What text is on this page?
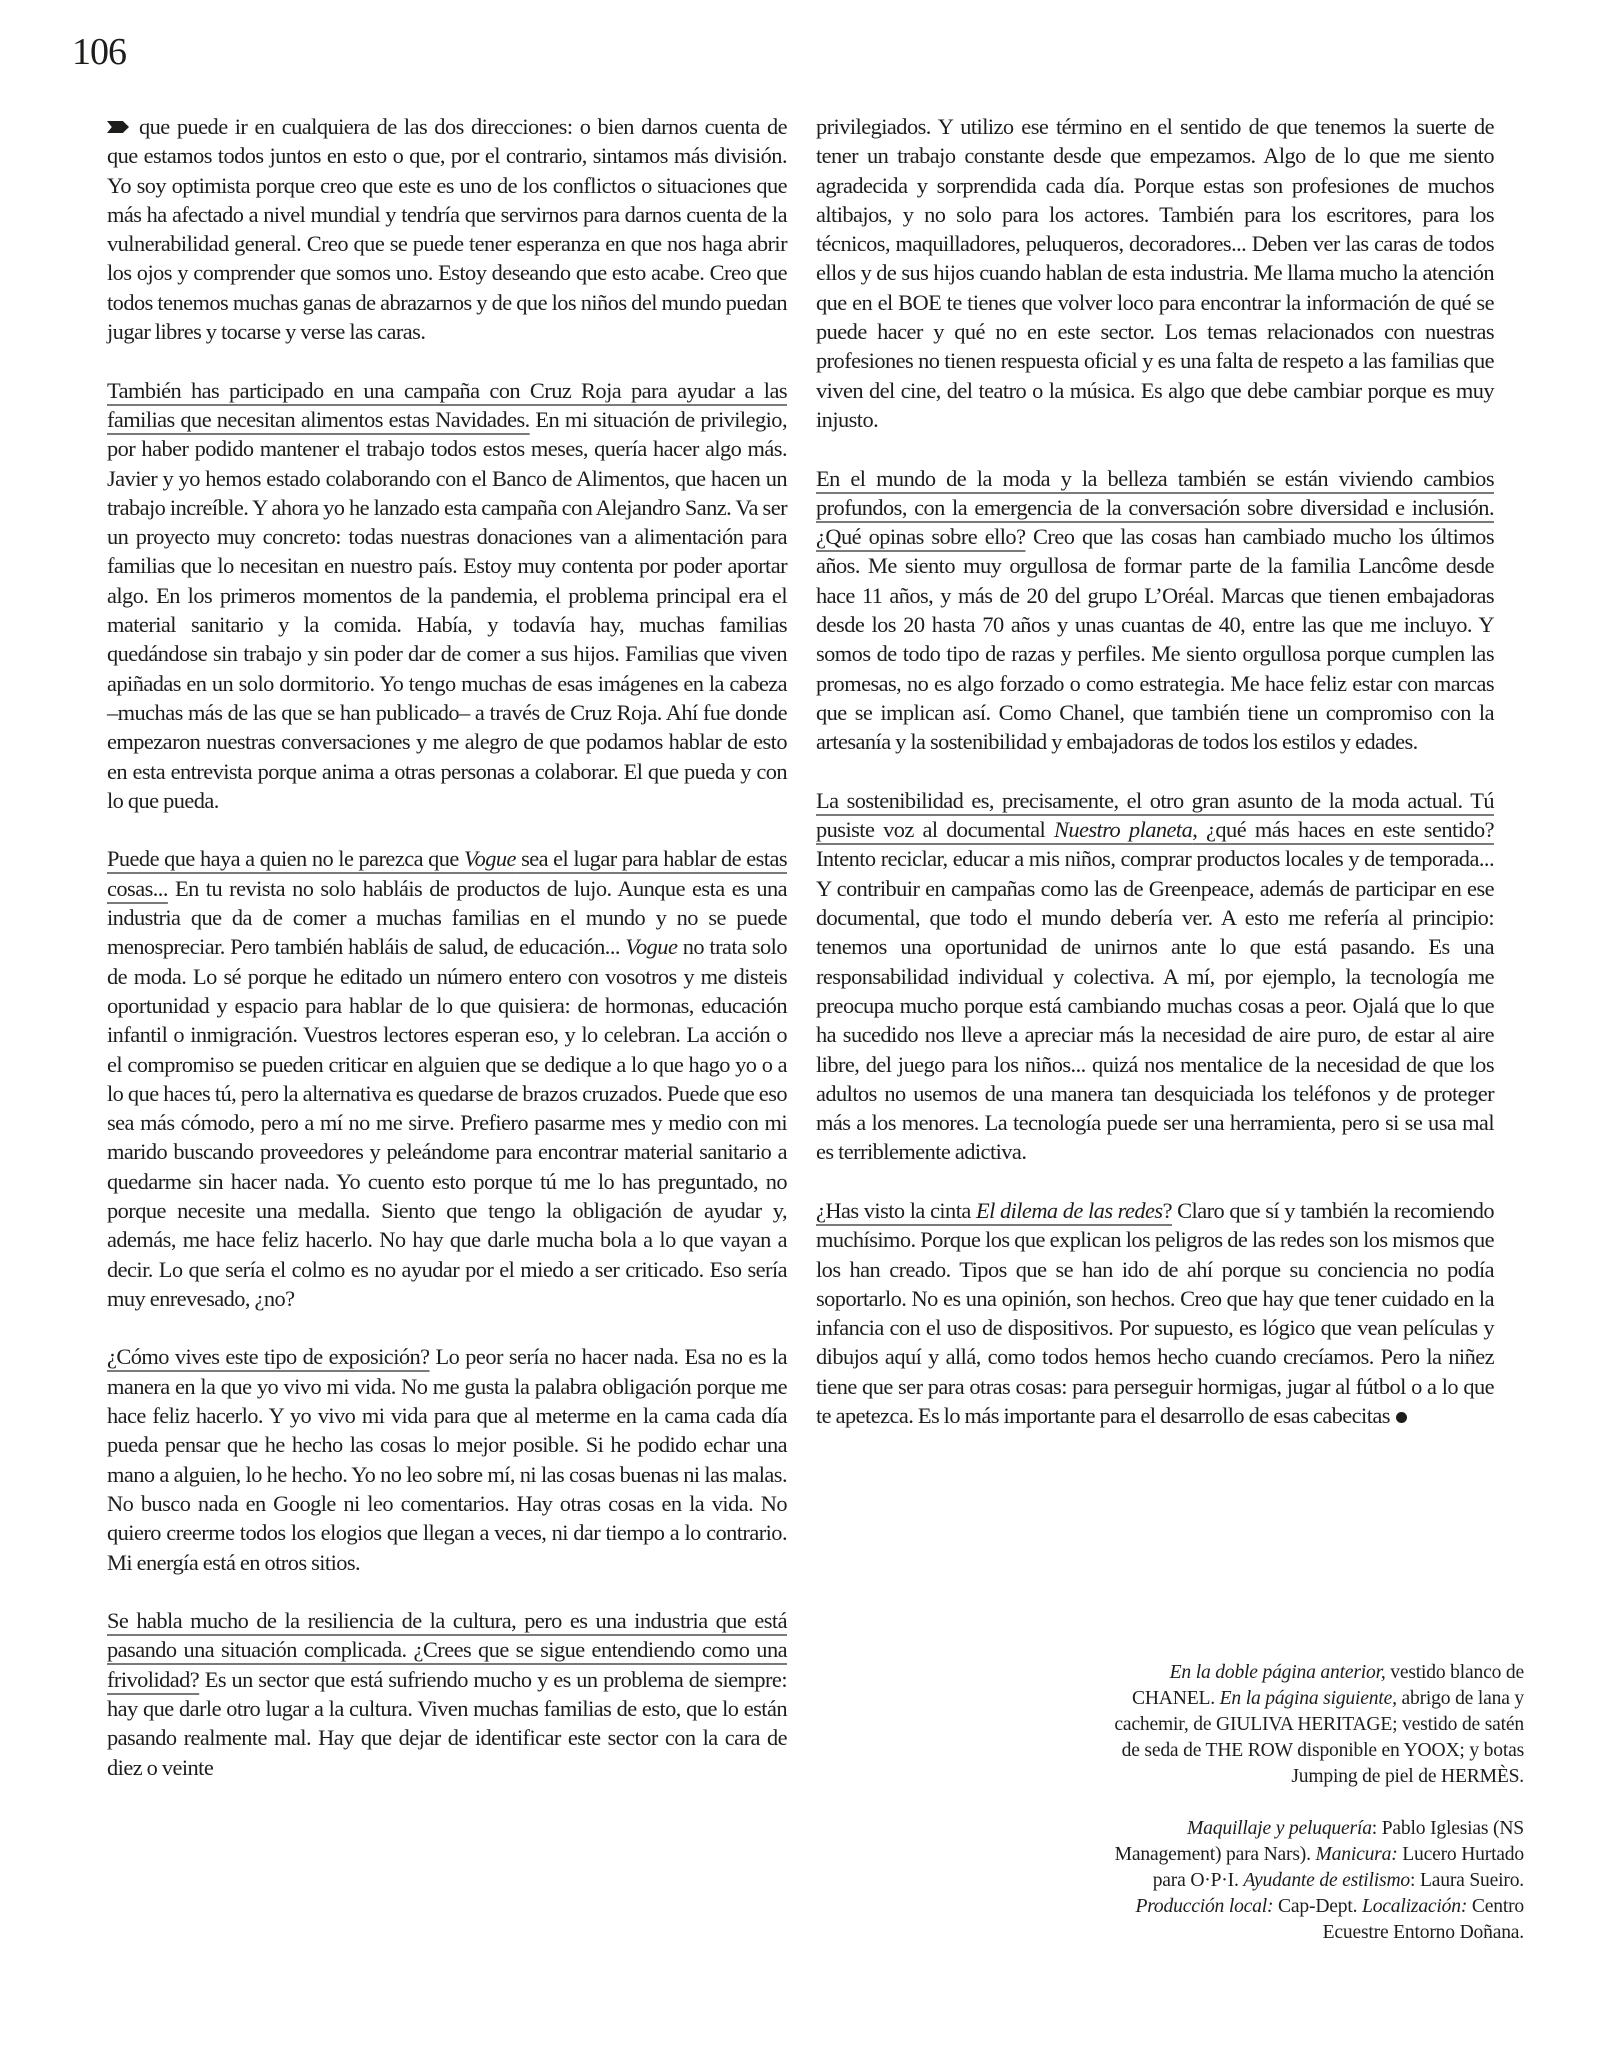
106

que puede ir en cualquiera de las dos direcciones: o bien darnos cuenta de que estamos todos juntos en esto o que, por el contrario, sintamos más división. Yo soy optimista porque creo que este es uno de los conflictos o situaciones que más ha afectado a nivel mundial y tendría que servirnos para darnos cuenta de la vulnerabilidad general. Creo que se puede tener esperanza en que nos haga abrir los ojos y comprender que somos uno. Estoy deseando que esto acabe. Creo que todos tenemos muchas ganas de abrazarnos y de que los niños del mundo puedan jugar libres y tocarse y verse las caras.

También has participado en una campaña con Cruz Roja para ayudar a las familias que necesitan alimentos estas Navidades. En mi situación de privilegio, por haber podido mantener el trabajo todos estos meses, quería hacer algo más. Javier y yo hemos estado colaborando con el Banco de Alimentos, que hacen un trabajo increíble. Y ahora yo he lanzado esta campaña con Alejandro Sanz. Va ser un proyecto muy concreto: todas nuestras donaciones van a alimentación para familias que lo necesitan en nuestro país. Estoy muy contenta por poder aportar algo. En los primeros momentos de la pandemia, el problema principal era el material sanitario y la comida. Había, y todavía hay, muchas familias quedándose sin trabajo y sin poder dar de comer a sus hijos. Familias que viven apiñadas en un solo dormitorio. Yo tengo muchas de esas imágenes en la cabeza –muchas más de las que se han publicado– a través de Cruz Roja. Ahí fue donde empezaron nuestras conversaciones y me alegro de que podamos hablar de esto en esta entrevista porque anima a otras personas a colaborar. El que pueda y con lo que pueda.

Puede que haya a quien no le parezca que Vogue sea el lugar para hablar de estas cosas... En tu revista no solo habláis de productos de lujo. Aunque esta es una industria que da de comer a muchas familias en el mundo y no se puede menospreciar. Pero también habláis de salud, de educación... Vogue no trata solo de moda. Lo sé porque he editado un número entero con vosotros y me disteis oportunidad y espacio para hablar de lo que quisiera: de hormonas, educación infantil o inmigración. Vuestros lectores esperan eso, y lo celebran. La acción o el compromiso se pueden criticar en alguien que se dedique a lo que hago yo o a lo que haces tú, pero la alternativa es quedarse de brazos cruzados. Puede que eso sea más cómodo, pero a mí no me sirve. Prefiero pasarme mes y medio con mi marido buscando proveedores y peleándome para encontrar material sanitario a quedarme sin hacer nada. Yo cuento esto porque tú me lo has preguntado, no porque necesite una medalla. Siento que tengo la obligación de ayudar y, además, me hace feliz hacerlo. No hay que darle mucha bola a lo que vayan a decir. Lo que sería el colmo es no ayudar por el miedo a ser criticado. Eso sería muy enrevesado, ¿no?

¿Cómo vives este tipo de exposición? Lo peor sería no hacer nada. Esa no es la manera en la que yo vivo mi vida. No me gusta la palabra obligación porque me hace feliz hacerlo. Y yo vivo mi vida para que al meterme en la cama cada día pueda pensar que he hecho las cosas lo mejor posible. Si he podido echar una mano a alguien, lo he hecho. Yo no leo sobre mí, ni las cosas buenas ni las malas. No busco nada en Google ni leo comentarios. Hay otras cosas en la vida. No quiero creerme todos los elogios que llegan a veces, ni dar tiempo a lo contrario. Mi energía está en otros sitios.

Se habla mucho de la resiliencia de la cultura, pero es una industria que está pasando una situación complicada. ¿Crees que se sigue entendiendo como una frivolidad? Es un sector que está sufriendo mucho y es un problema de siempre: hay que darle otro lugar a la cultura. Viven muchas familias de esto, que lo están pasando realmente mal. Hay que dejar de identificar este sector con la cara de diez o veinte

privilegiados. Y utilizo ese término en el sentido de que tenemos la suerte de tener un trabajo constante desde que empezamos. Algo de lo que me siento agradecida y sorprendida cada día. Porque estas son profesiones de muchos altibajos, y no solo para los actores. También para los escritores, para los técnicos, maquilladores, peluqueros, decoradores... Deben ver las caras de todos ellos y de sus hijos cuando hablan de esta industria. Me llama mucho la atención que en el BOE te tienes que volver loco para encontrar la información de qué se puede hacer y qué no en este sector. Los temas relacionados con nuestras profesiones no tienen respuesta oficial y es una falta de respeto a las familias que viven del cine, del teatro o la música. Es algo que debe cambiar porque es muy injusto.

En el mundo de la moda y la belleza también se están viviendo cambios profundos, con la emergencia de la conversación sobre diversidad e inclusión. ¿Qué opinas sobre ello? Creo que las cosas han cambiado mucho los últimos años. Me siento muy orgullosa de formar parte de la familia Lancôme desde hace 11 años, y más de 20 del grupo L’Oréal. Marcas que tienen embajadoras desde los 20 hasta 70 años y unas cuantas de 40, entre las que me incluyo. Y somos de todo tipo de razas y perfiles. Me siento orgullosa porque cumplen las promesas, no es algo forzado o como estrategia. Me hace feliz estar con marcas que se implican así. Como Chanel, que también tiene un compromiso con la artesanía y la sostenibilidad y embajadoras de todos los estilos y edades.

La sostenibilidad es, precisamente, el otro gran asunto de la moda actual. Tú pusiste voz al documental Nuestro planeta, ¿qué más haces en este sentido? Intento reciclar, educar a mis niños, comprar productos locales y de temporada... Y contribuir en campañas como las de Greenpeace, además de participar en ese documental, que todo el mundo debería ver. A esto me refería al principio: tenemos una oportunidad de unirnos ante lo que está pasando. Es una responsabilidad individual y colectiva. A mí, por ejemplo, la tecnología me preocupa mucho porque está cambiando muchas cosas a peor. Ojalá que lo que ha sucedido nos lleve a apreciar más la necesidad de aire puro, de estar al aire libre, del juego para los niños... quizá nos mentalice de la necesidad de que los adultos no usemos de una manera tan desquiciada los teléfonos y de proteger más a los menores. La tecnología puede ser una herramienta, pero si se usa mal es terriblemente adictiva.

¿Has visto la cinta El dilema de las redes? Claro que sí y también la recomiendo muchísimo. Porque los que explican los peligros de las redes son los mismos que los han creado. Tipos que se han ido de ahí porque su conciencia no podía soportarlo. No es una opinión, son hechos. Creo que hay que tener cuidado en la infancia con el uso de dispositivos. Por supuesto, es lógico que vean películas y dibujos aquí y allá, como todos hemos hecho cuando crecíamos. Pero la niñez tiene que ser para otras cosas: para perseguir hormigas, jugar al fútbol o a lo que te apetezca. Es lo más importante para el desarrollo de esas cabecitas

En la doble página anterior, vestido blanco de CHANEL. En la página siguiente, abrigo de lana y cachemir, de GIULIVA HERITAGE; vestido de satén de seda de THE ROW disponible en YOOX; y botas Jumping de piel de HERMÈS.

Maquillaje y peluquería: Pablo Iglesias (NS Management) para Nars). Manicura: Lucero Hurtado para O·P·I. Ayudante de estilismo: Laura Sueiro. Producción local: Cap-Dept. Localización: Centro Ecuestre Entorno Doñana.
